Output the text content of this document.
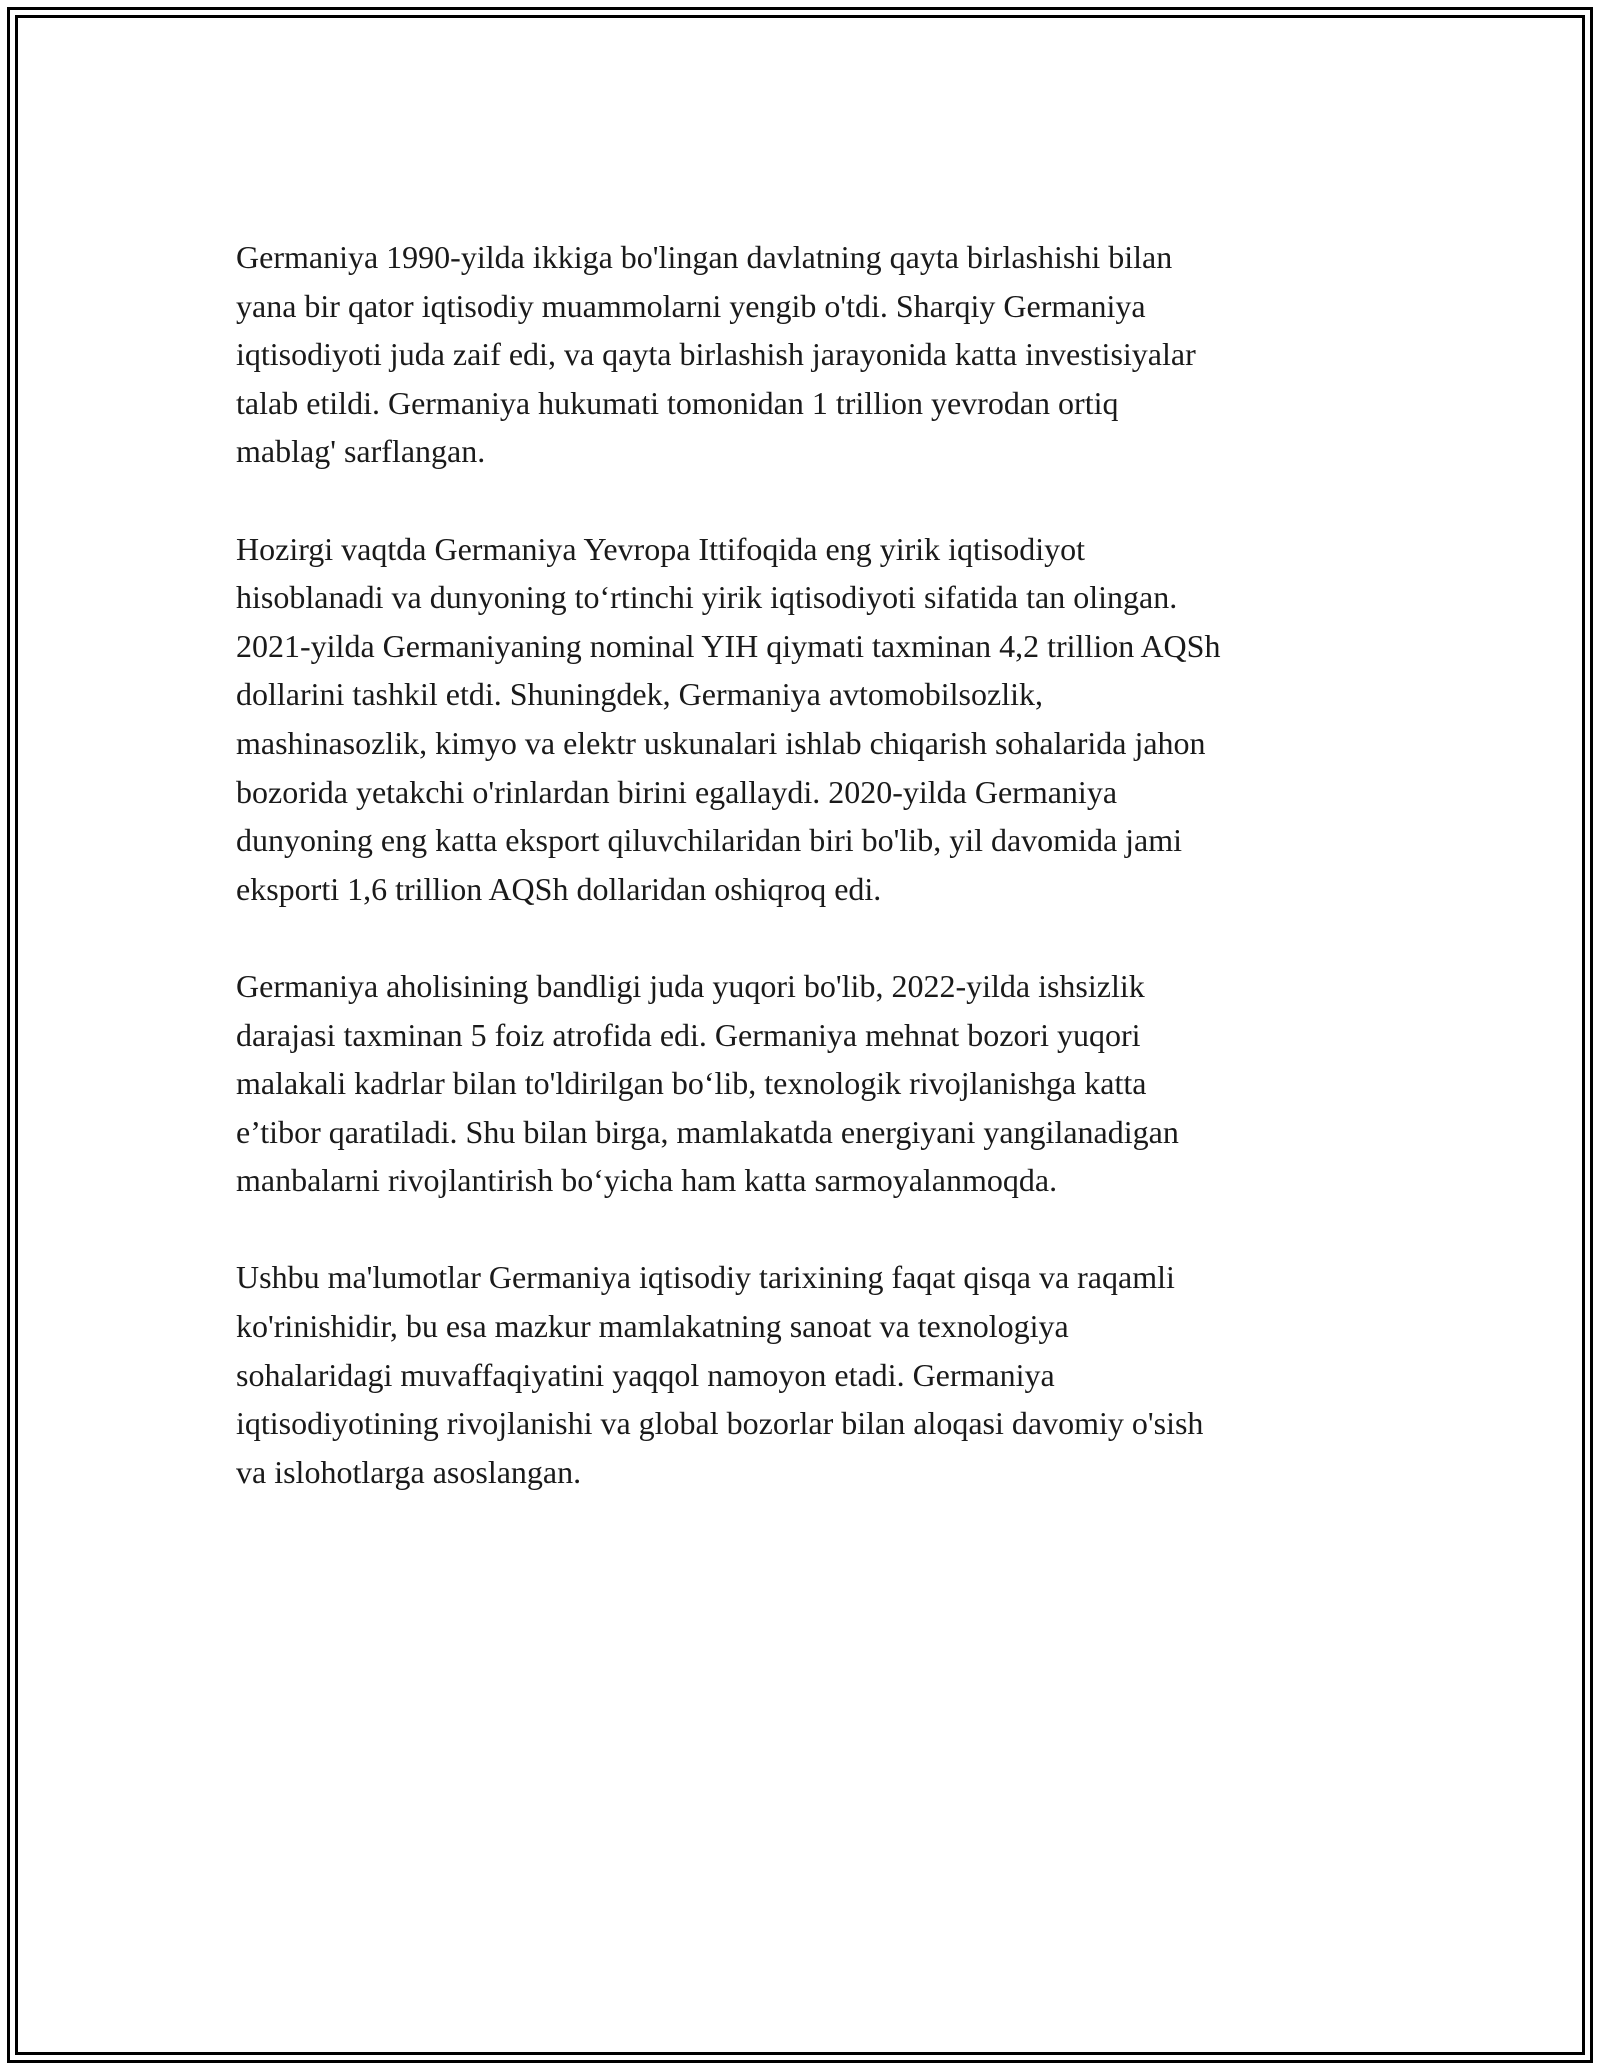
Germaniya 1990-yilda ikkiga bo'lingan davlatning qayta birlashishi bilan
yana bir qator iqtisodiy muammolarni yengib o'tdi. Sharqiy Germaniya
iqtisodiyoti juda zaif edi, va qayta birlashish jarayonida katta investisiyalar
talab etildi. Germaniya hukumati tomonidan 1 trillion yevrodan ortiq
mablag' sarflangan.

Hozirgi vaqtda Germaniya Yevropa Ittifoqida eng yirik iqtisodiyot
hisoblanadi va dunyoning to‘rtinchi yirik iqtisodiyoti sifatida tan olingan.
2021-yilda Germaniyaning nominal YIH qiymati taxminan 4,2 trillion AQSh
dollarini tashkil etdi. Shuningdek, Germaniya avtomobilsozlik,
mashinasozlik, kimyo va elektr uskunalari ishlab chiqarish sohalarida jahon
bozorida yetakchi o'rinlardan birini egallaydi. 2020-yilda Germaniya
dunyoning eng katta eksport qiluvchilaridan biri bo'lib, yil davomida jami
eksporti 1,6 trillion AQSh dollaridan oshiqroq edi.

Germaniya aholisining bandligi juda yuqori bo'lib, 2022-yilda ishsizlik
darajasi taxminan 5 foiz atrofida edi. Germaniya mehnat bozori yuqori
malakali kadrlar bilan to'ldirilgan bo‘lib, texnologik rivojlanishga katta
e’tibor qaratiladi. Shu bilan birga, mamlakatda energiyani yangilanadigan
manbalarni rivojlantirish bo‘yicha ham katta sarmoyalanmoqda.

Ushbu ma'lumotlar Germaniya iqtisodiy tarixining faqat qisqa va raqamli
ko'rinishidir, bu esa mazkur mamlakatning sanoat va texnologiya
sohalaridagi muvaffaqiyatini yaqqol namoyon etadi. Germaniya
iqtisodiyotining rivojlanishi va global bozorlar bilan aloqasi davomiy o'sish
va islohotlarga asoslangan.
